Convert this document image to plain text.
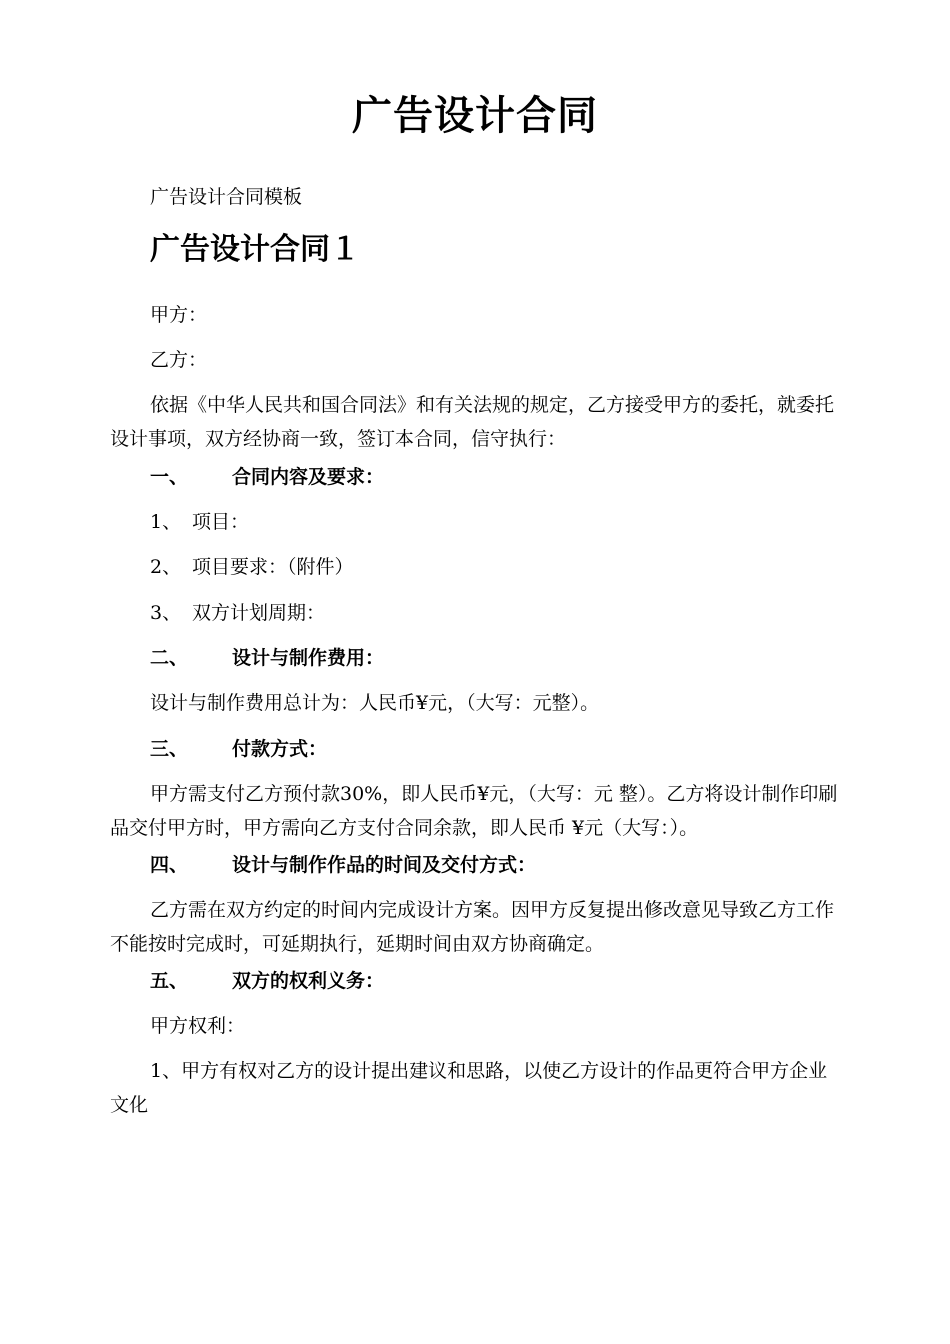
广告设计合同
广告设计合同模板
广告设计合同１
甲方：
乙方：
依据《中华人民共和国合同法》和有关法规的规定，乙方接受甲方的委托，就委托设计事项，双方经协商一致，签订本合同，信守执行：
一、 合同内容及要求：
1、 项目：
2、 项目要求：（附件）
3、 双方计划周期：
二、 设计与制作费用：
设计与制作费用总计为：人民币¥元，（大写：元整）。
三、 付款方式：
甲方需支付乙方预付款30%，即人民币¥元，（大写：元 整）。乙方将设计制作印刷品交付甲方时，甲方需向乙方支付合同余款，即人民币 ¥元（大写：）。
四、 设计与制作作品的时间及交付方式：
乙方需在双方约定的时间内完成设计方案。因甲方反复提出修改意见导致乙方工作不能按时完成时，可延期执行，延期时间由双方协商确定。
五、 双方的权利义务：
甲方权利：
1、甲方有权对乙方的设计提出建议和思路，以使乙方设计的作品更符合甲方企业文化
